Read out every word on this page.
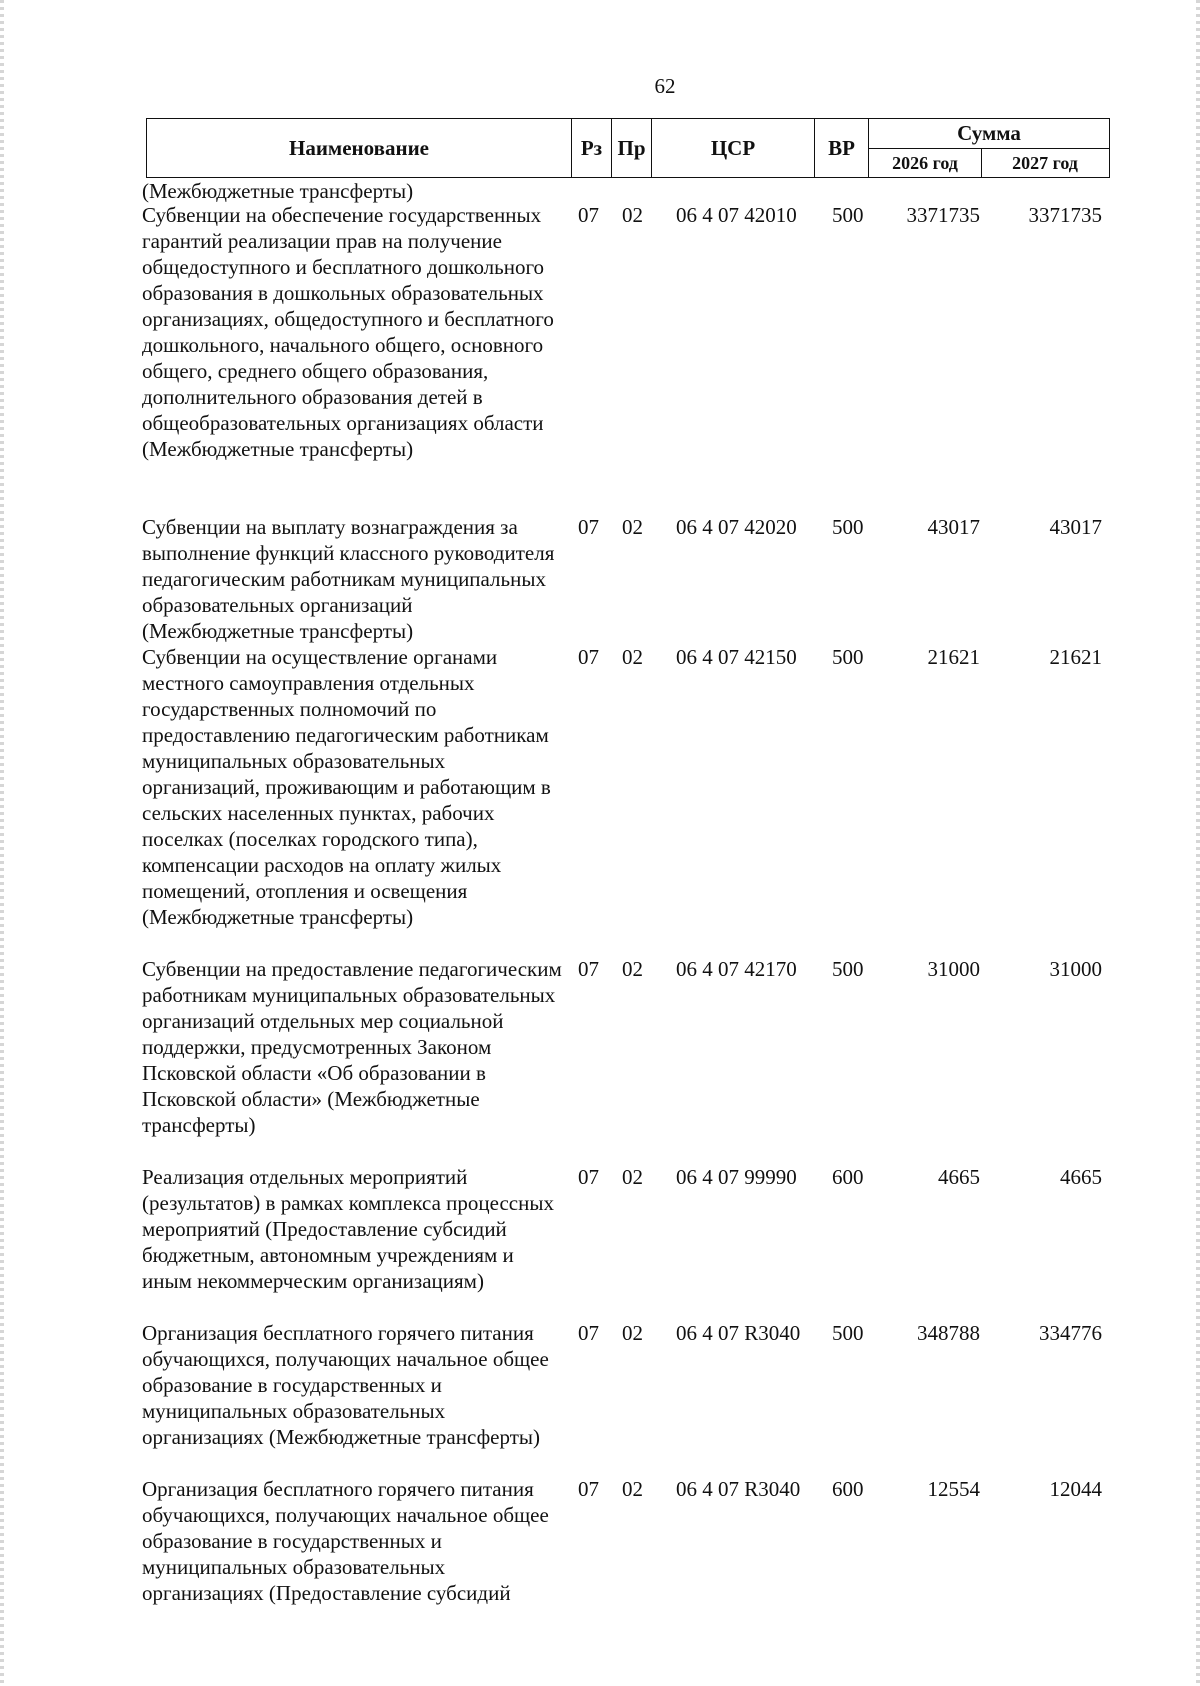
62
Наименование	Рз Пр	ЦСР	ВР
Сумма
2026 год	2027 год
(Межбюджетные трансферты)
Субвенции на обеспечение государственных гарантий реализации прав на получение общедоступного и бесплатного дошкольного образования в дошкольных образовательных организациях, общедоступного и бесплатного дошкольного, начального общего, основного общего, среднего общего образования, дополнительного образования детей в общеобразовательных организациях области (Межбюджетные трансферты)
07	02	06 4 07 42010	500	3371735	3371735
Субвенции на выплату вознаграждения за выполнение функций классного руководителя педагогическим работникам муниципальных образовательных организаций (Межбюджетные трансферты)
07	02	06 4 07 42020	500	43017	43017
Субвенции на осуществление органами местного самоуправления отдельных государственных полномочий по предоставлению педагогическим работникам муниципальных образовательных организаций, проживающим и работающим в сельских населенных пунктах, рабочих поселках (поселках городского типа), компенсации расходов на оплату жилых помещений, отопления и освещения (Межбюджетные трансферты)
07	02	06 4 07 42150	500	21621	21621
Субвенции на предоставление педагогическим работникам муниципальных образовательных организаций отдельных мер социальной поддержки, предусмотренных Законом Псковской области «Об образовании в Псковской области» (Межбюджетные трансферты)
07	02	06 4 07 42170	500	31000	31000
Реализация отдельных мероприятий (результатов) в рамках комплекса процессных мероприятий (Предоставление субсидий бюджетным, автономным учреждениям и иным некоммерческим организациям)
07	02	06 4 07 99990	600	4665	4665
Организация бесплатного горячего питания обучающихся, получающих начальное общее образование в государственных и муниципальных образовательных организациях (Межбюджетные трансферты)
07	02	06 4 07 R3040	500	348788	334776
Организация бесплатного горячего питания обучающихся, получающих начальное общее образование в государственных и муниципальных образовательных организациях (Предоставление субсидий
07	02	06 4 07 R3040	600	12554	12044
